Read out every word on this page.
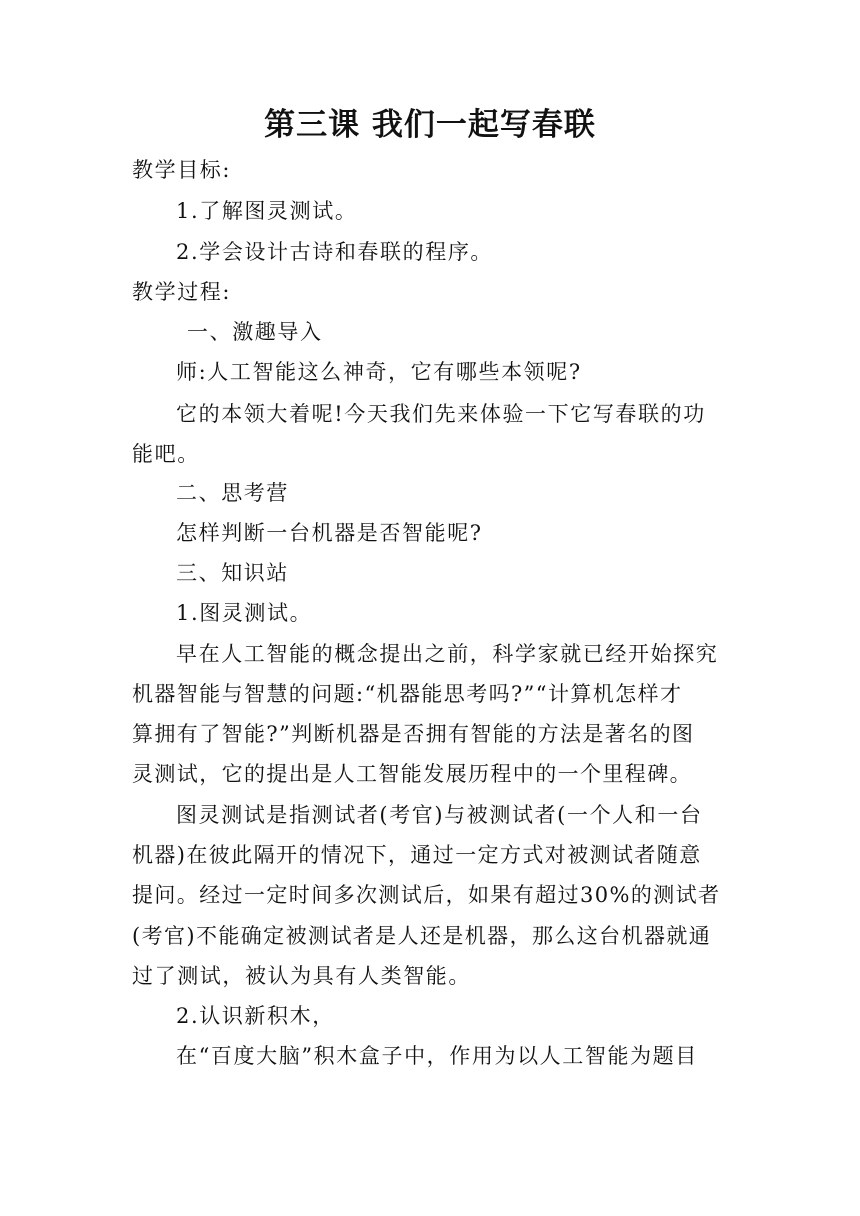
第三课 我们一起写春联
教学目标:
1.了解图灵测试。
2.学会设计古诗和春联的程序。
教学过程:
一、激趣导入
师:人工智能这么神奇，它有哪些本领呢?
它的本领大着呢!今天我们先来体验一下它写春联的功
能吧。
二、思考营
怎样判断一台机器是否智能呢?
三、知识站
1.图灵测试。
早在人工智能的概念提出之前，科学家就已经开始探究
机器智能与智慧的问题:“机器能思考吗?”“计算机怎样才
算拥有了智能?”判断机器是否拥有智能的方法是著名的图
灵测试，它的提出是人工智能发展历程中的一个里程碑。
图灵测试是指测试者(考官)与被测试者(一个人和一台
机器)在彼此隔开的情况下，通过一定方式对被测试者随意
提问。经过一定时间多次测试后，如果有超过30%的测试者
(考官)不能确定被测试者是人还是机器，那么这台机器就通
过了测试，被认为具有人类智能。
2.认识新积木，
在“百度大脑”积木盒子中，作用为以人工智能为题目
